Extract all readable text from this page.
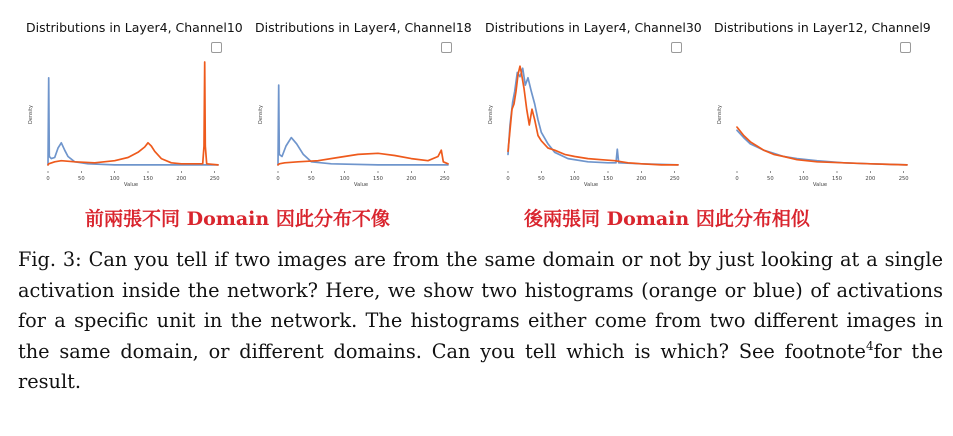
Distributions in Layer4, Channel10 Distributions in Layer4, Channel18 Distributions in Layer4, Channel30 Distributions in Layer12, Channel9
Density
0	50	100	150	200	250
Value
Density
0	50	100	150	200	250
Value
Density
0	50	100	150	200	250
Value
Density
0	50	100	150	200	250
Value
前兩張不同 Domain 因此分布不像	後兩張同 Domain 因此分布相似
Fig. 3: Can you tell if two images are from the same domain or not by just looking at a single activation inside the network? Here, we show two histograms (orange or blue) of activations for a specific unit in the network. The histograms either come from two different images in the same domain, or different domains. Can you tell which is which? See footnote$^4$for the result.
